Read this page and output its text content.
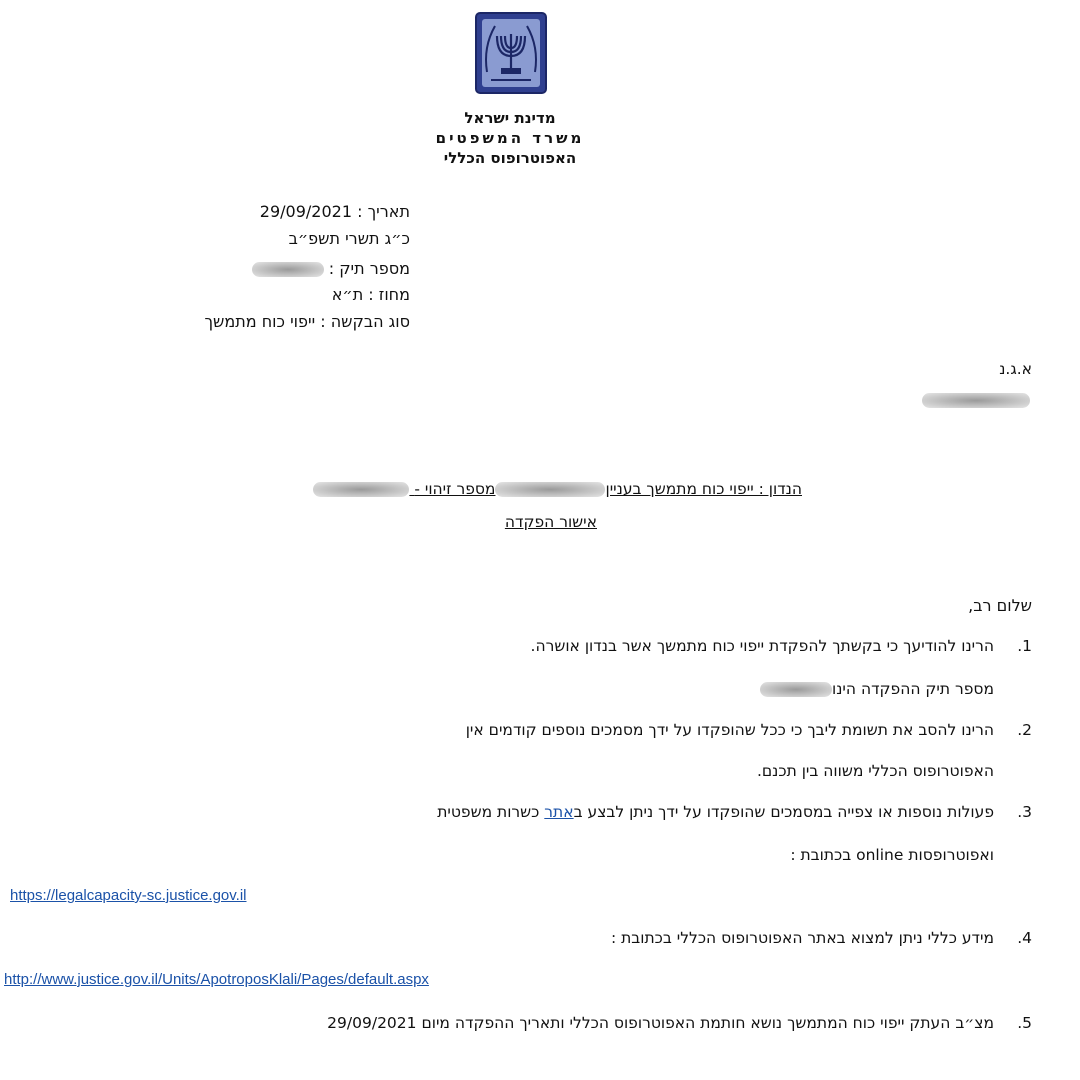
מדינת ישראל
משרד המשפטים
האפוטרופוס הכללי
תאריך : 29/09/2021
כ״ג תשרי תשפ״ב
מספר תיק :
מחוז : ת״א
סוג הבקשה : ייפוי כוח מתמשך
א.ג.נ
הנדון : ייפוי כוח מתמשך בענייןמספר זיהוי -
אישור הפקדה
שלום רב,
1.
הרינו להודיעך כי בקשתך להפקדת ייפוי כוח מתמשך אשר בנדון אושרה.
מספר תיק ההפקדה הינו
2.
הרינו להסב את תשומת ליבך כי ככל שהופקדו על ידך מסמכים נוספים קודמים אין
האפוטרופוס הכללי משווה בין תכנם.
3.
פעולות נוספות או צפייה במסמכים שהופקדו על ידך ניתן לבצע באתר כשרות משפטית
ואפוטרופסות online בכתובת :
https://legalcapacity-sc.justice.gov.il
4.
מידע כללי ניתן למצוא באתר האפוטרופוס הכללי בכתובת :
http://www.justice.gov.il/Units/ApotroposKlali/Pages/default.aspx
5.
מצ״ב העתק ייפוי כוח המתמשך נושא חותמת האפוטרופוס הכללי ותאריך ההפקדה מיום 29/09/2021
